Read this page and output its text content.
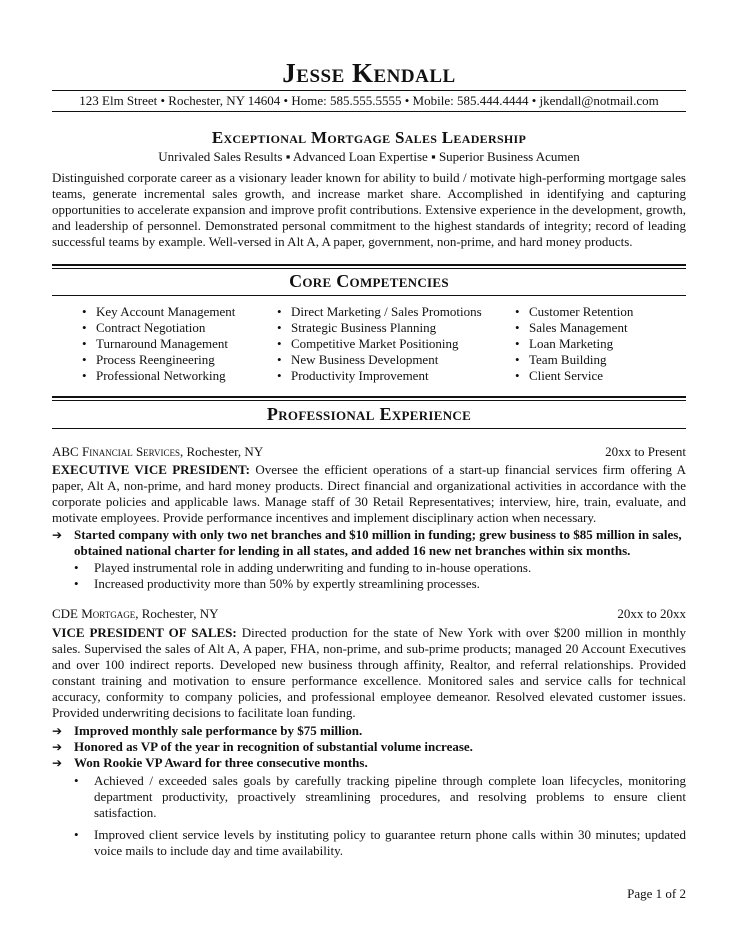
Jesse Kendall
123 Elm Street • Rochester, NY 14604 • Home: 585.555.5555 • Mobile: 585.444.4444 • jkendall@notmail.com
Exceptional Mortgage Sales Leadership
Unrivaled Sales Results ▪ Advanced Loan Expertise ▪ Superior Business Acumen

Distinguished corporate career as a visionary leader known for ability to build / motivate high-performing mortgage sales teams, generate incremental sales growth, and increase market share. Accomplished in identifying and capturing opportunities to accelerate expansion and improve profit contributions. Extensive experience in the development, growth, and leadership of personnel. Demonstrated personal commitment to the highest standards of integrity; record of leading successful teams by example. Well-versed in Alt A, A paper, government, non-prime, and hard money products.

Core Competencies
• Key Account Management
• Contract Negotiation
• Turnaround Management
• Process Reengineering
• Professional Networking
• Direct Marketing / Sales Promotions
• Strategic Business Planning
• Competitive Market Positioning
• New Business Development
• Productivity Improvement
• Customer Retention
• Sales Management
• Loan Marketing
• Team Building
• Client Service
Professional Experience
ABC Financial Services, Rochester, NY	20xx to Present

EXECUTIVE VICE PRESIDENT: Oversee the efficient operations of a start-up financial services firm offering A paper, Alt A, non-prime, and hard money products. Direct financial and organizational activities in accordance with the corporate policies and applicable laws. Manage staff of 30 Retail Representatives; interview, hire, train, evaluate, and motivate employees. Provide performance incentives and implement disciplinary action when necessary.

➔ Started company with only two net branches and $10 million in funding; grew business to $85 million in sales, obtained national charter for lending in all states, and added 16 new net branches within six months.
• Played instrumental role in adding underwriting and funding to in-house operations.
• Increased productivity more than 50% by expertly streamlining processes.
CDE Mortgage, Rochester, NY	20xx to 20xx

VICE PRESIDENT OF SALES: Directed production for the state of New York with over $200 million in monthly sales. Supervised the sales of Alt A, A paper, FHA, non-prime, and sub-prime products; managed 20 Account Executives and over 100 indirect reports. Developed new business through affinity, Realtor, and referral relationships. Provided constant training and motivation to ensure performance excellence. Monitored sales and service calls for technical accuracy, conformity to company policies, and professional employee demeanor. Resolved elevated customer issues. Provided underwriting decisions to facilitate loan funding.

➔ Improved monthly sale performance by $75 million.
➔ Honored as VP of the year in recognition of substantial volume increase.
➔ Won Rookie VP Award for three consecutive months.
• Achieved / exceeded sales goals by carefully tracking pipeline through complete loan lifecycles, monitoring department productivity, proactively streamlining procedures, and resolving problems to ensure client satisfaction.
• Improved client service levels by instituting policy to guarantee return phone calls within 30 minutes; updated voice mails to include day and time availability.
Page 1 of 2
